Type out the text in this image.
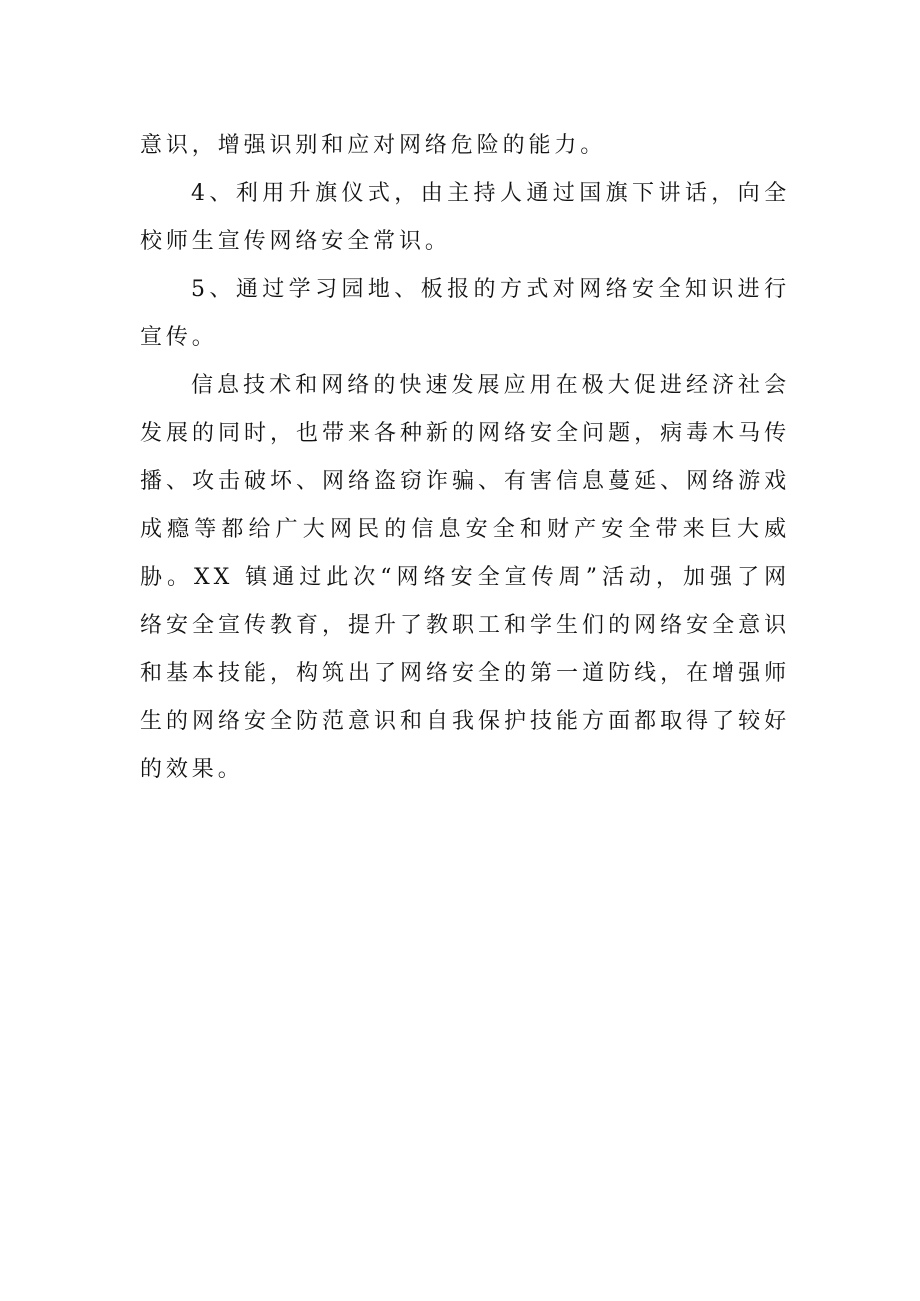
意识，增强识别和应对网络危险的能力。

4、利用升旗仪式，由主持人通过国旗下讲话，向全校师生宣传网络安全常识。

5、通过学习园地、板报的方式对网络安全知识进行宣传。

信息技术和网络的快速发展应用在极大促进经济社会发展的同时，也带来各种新的网络安全问题，病毒木马传播、攻击破坏、网络盗窃诈骗、有害信息蔓延、网络游戏成瘾等都给广大网民的信息安全和财产安全带来巨大威胁。XX 镇通过此次“网络安全宣传周”活动，加强了网络安全宣传教育，提升了教职工和学生们的网络安全意识和基本技能，构筑出了网络安全的第一道防线，在增强师生的网络安全防范意识和自我保护技能方面都取得了较好的效果。
